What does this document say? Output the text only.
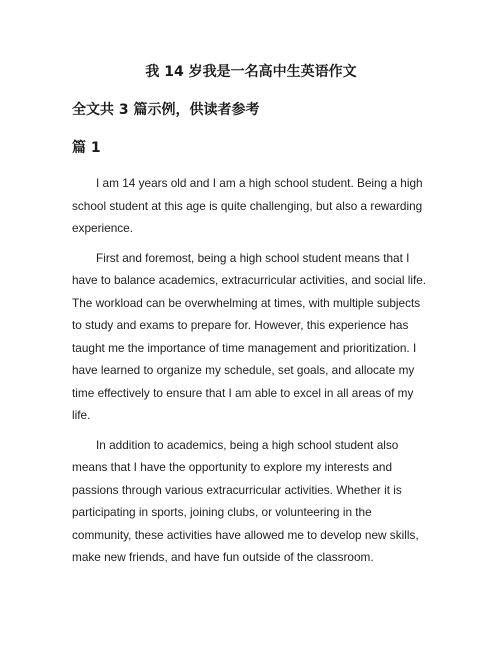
我 14 岁我是一名高中生英语作文
全文共 3 篇示例，供读者参考
篇 1

I am 14 years old and I am a high school student. Being a high school student at this age is quite challenging, but also a rewarding experience.

First and foremost, being a high school student means that I have to balance academics, extracurricular activities, and social life. The workload can be overwhelming at times, with multiple subjects to study and exams to prepare for. However, this experience has taught me the importance of time management and prioritization. I have learned to organize my schedule, set goals, and allocate my time effectively to ensure that I am able to excel in all areas of my life.

In addition to academics, being a high school student also means that I have the opportunity to explore my interests and passions through various extracurricular activities. Whether it is participating in sports, joining clubs, or volunteering in the community, these activities have allowed me to develop new skills, make new friends, and have fun outside of the classroom.
